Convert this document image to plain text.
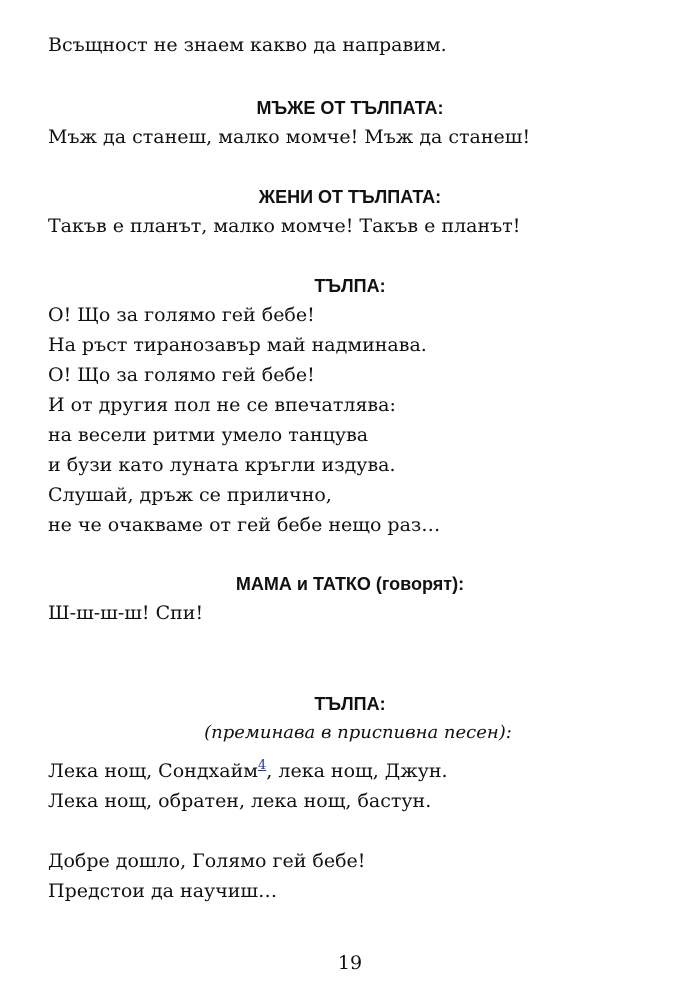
Всъщност не знаем какво да направим.
МЪЖЕ ОТ ТЪЛПАТА:
Мъж да станеш, малко момче! Мъж да станеш!
ЖЕНИ ОТ ТЪЛПАТА:
Такъв е планът, малко момче! Такъв е планът!
ТЪЛПА:
О! Що за голямо гей бебе!
На ръст тиранозавър май надминава.
О! Що за голямо гей бебе!
И от другия пол не се впечатлява:
на весели ритми умело танцува
и бузи като луната кръгли издува.
Слушай, дръж се прилично,
не че очакваме от гей бебе нещо раз…
МАМА и ТАТКО (говорят):
Ш-ш-ш-ш! Спи!
ТЪЛПА:
(преминава в приспивна песен):
Лека нощ, Сондхайм$^4$, лека нощ, Джун.
Лека нощ, обратен, лека нощ, бастун.
Добре дошло, Голямо гей бебе!
Предстои да научиш…
19
